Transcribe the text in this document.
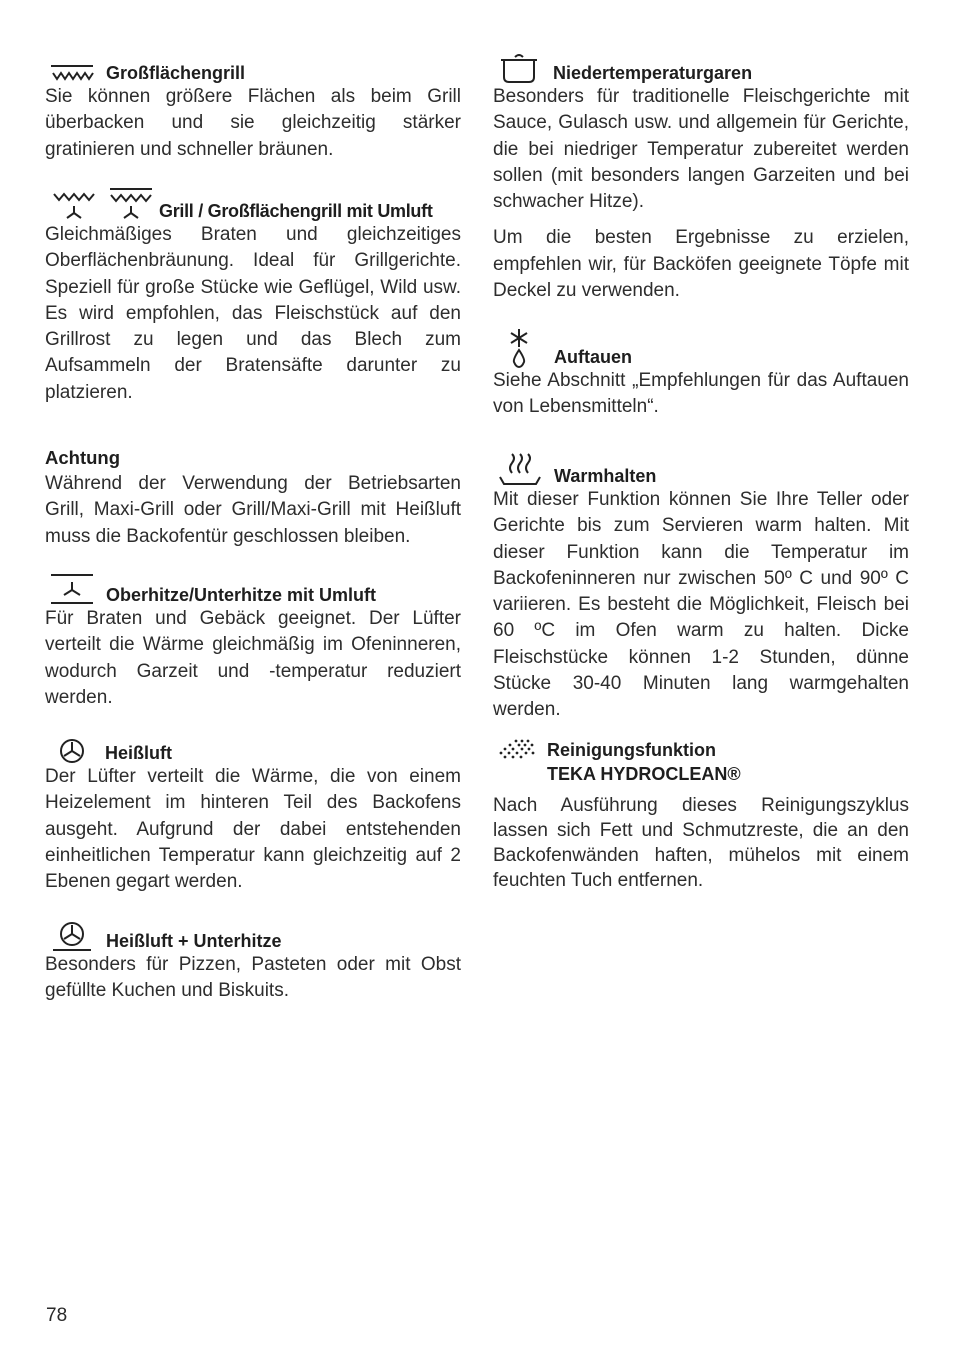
Großflächengrill

Sie können größere Flächen als beim Grill überbacken und sie gleichzeitig stärker gratinieren und schneller bräunen.

Grill / Großflächengrill mit Umluft

Gleichmäßiges Braten und gleichzeitiges Oberflächenbräunung. Ideal für Grillgerichte. Speziell für große Stücke wie Geflügel, Wild usw. Es wird empfohlen, das Fleischstück auf den Grillrost zu legen und das Blech zum Aufsammeln der Bratensäfte darunter zu platzieren.

Achtung

Während der Verwendung der Betriebsarten Grill, Maxi-Grill oder Grill/Maxi-Grill mit Heißluft muss die Backofentür geschlossen bleiben.

Oberhitze/Unterhitze mit Umluft

Für Braten und Gebäck geeignet. Der Lüfter verteilt die Wärme gleichmäßig im Ofeninneren, wodurch Garzeit und -temperatur reduziert werden.

Heißluft

Der Lüfter verteilt die Wärme, die von einem Heizelement im hinteren Teil des Backofens ausgeht. Aufgrund der dabei entstehenden einheitlichen Temperatur kann gleichzeitig auf 2 Ebenen gegart werden.

Heißluft + Unterhitze

Besonders für Pizzen, Pasteten oder mit Obst gefüllte Kuchen und Biskuits.

Niedertemperaturgaren

Besonders für traditionelle Fleischgerichte mit Sauce, Gulasch usw. und allgemein für Gerichte, die bei niedriger Temperatur zubereitet werden sollen (mit besonders langen Garzeiten und bei schwacher Hitze).

Um die besten Ergebnisse zu erzielen, empfehlen wir, für Backöfen geeignete Töpfe mit Deckel zu verwenden.

Auftauen

Siehe Abschnitt „Empfehlungen für das Auftauen von Lebensmitteln“.

Warmhalten

Mit dieser Funktion können Sie Ihre Teller oder Gerichte bis zum Servieren warm halten. Mit dieser Funktion kann die Temperatur im Backofeninneren nur zwischen 50º C und 90º C variieren. Es besteht die Möglichkeit, Fleisch bei 60 ºC im Ofen warm zu halten. Dicke Fleischstücke können 1-2 Stunden, dünne Stücke 30-40 Minuten lang warmgehalten werden.

Reinigungsfunktion
TEKA HYDROCLEAN®

Nach Ausführung dieses Reinigungszyklus lassen sich Fett und Schmutzreste, die an den Backofenwänden haften, mühelos mit einem feuchten Tuch entfernen.

78
